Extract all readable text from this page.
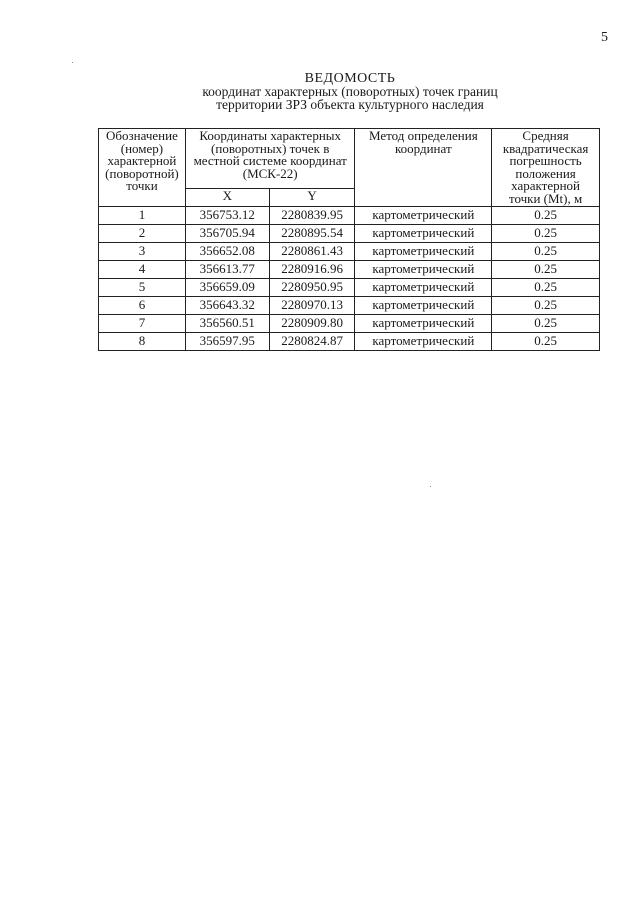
5
ВЕДОМОСТЬ
координат характерных (поворотных) точек границ
территории ЗРЗ объекта культурного наследия
Обозначение (номер) характерной (поворотной) точки	Координаты характерных (поворотных) точек в местной системе координат (МСК-22)		Метод определения координат	Средняя квадратическая погрешность положения характерной точки (Mt), м
	X	Y		
1	356753.12	2280839.95	картометрический	0.25
2	356705.94	2280895.54	картометрический	0.25
3	356652.08	2280861.43	картометрический	0.25
4	356613.77	2280916.96	картометрический	0.25
5	356659.09	2280950.95	картометрический	0.25
6	356643.32	2280970.13	картометрический	0.25
7	356560.51	2280909.80	картометрический	0.25
8	356597.95	2280824.87	картометрический	0.25
